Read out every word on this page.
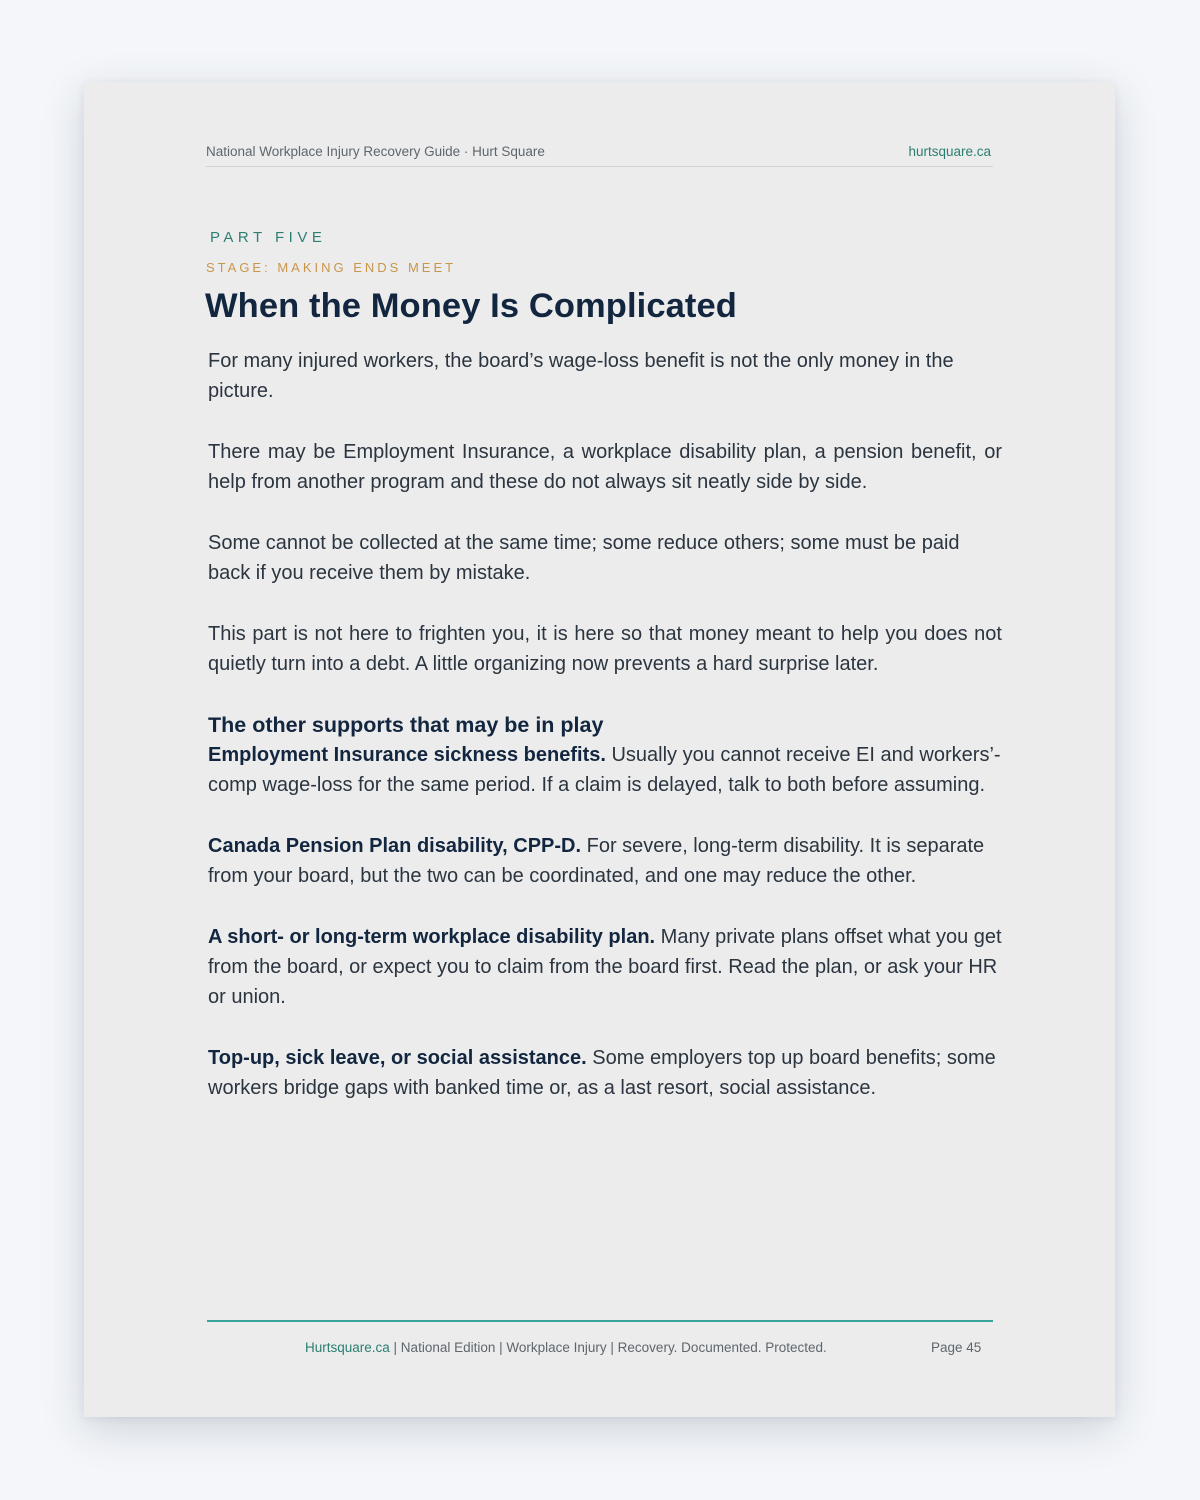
National Workplace Injury Recovery Guide · Hurt Square	hurtsquare.ca
PART FIVE
STAGE: MAKING ENDS MEET
When the Money Is Complicated

For many injured workers, the board’s wage-loss benefit is not the only money in the picture.

There may be Employment Insurance, a workplace disability plan, a pension benefit, or help from another program and these do not always sit neatly side by side.

Some cannot be collected at the same time; some reduce others; some must be paid back if you receive them by mistake.

This part is not here to frighten you, it is here so that money meant to help you does not quietly turn into a debt. A little organizing now prevents a hard surprise later.

The other supports that may be in play

Employment Insurance sickness benefits. Usually you cannot receive EI and workers’-comp wage-loss for the same period. If a claim is delayed, talk to both before assuming.

Canada Pension Plan disability, CPP-D. For severe, long-term disability. It is separate from your board, but the two can be coordinated, and one may reduce the other.

A short- or long-term workplace disability plan. Many private plans offset what you get from the board, or expect you to claim from the board first. Read the plan, or ask your HR or union.

Top-up, sick leave, or social assistance. Some employers top up board benefits; some workers bridge gaps with banked time or, as a last resort, social assistance.

Hurtsquare.ca | National Edition | Workplace Injury | Recovery. Documented. Protected.	Page 45
